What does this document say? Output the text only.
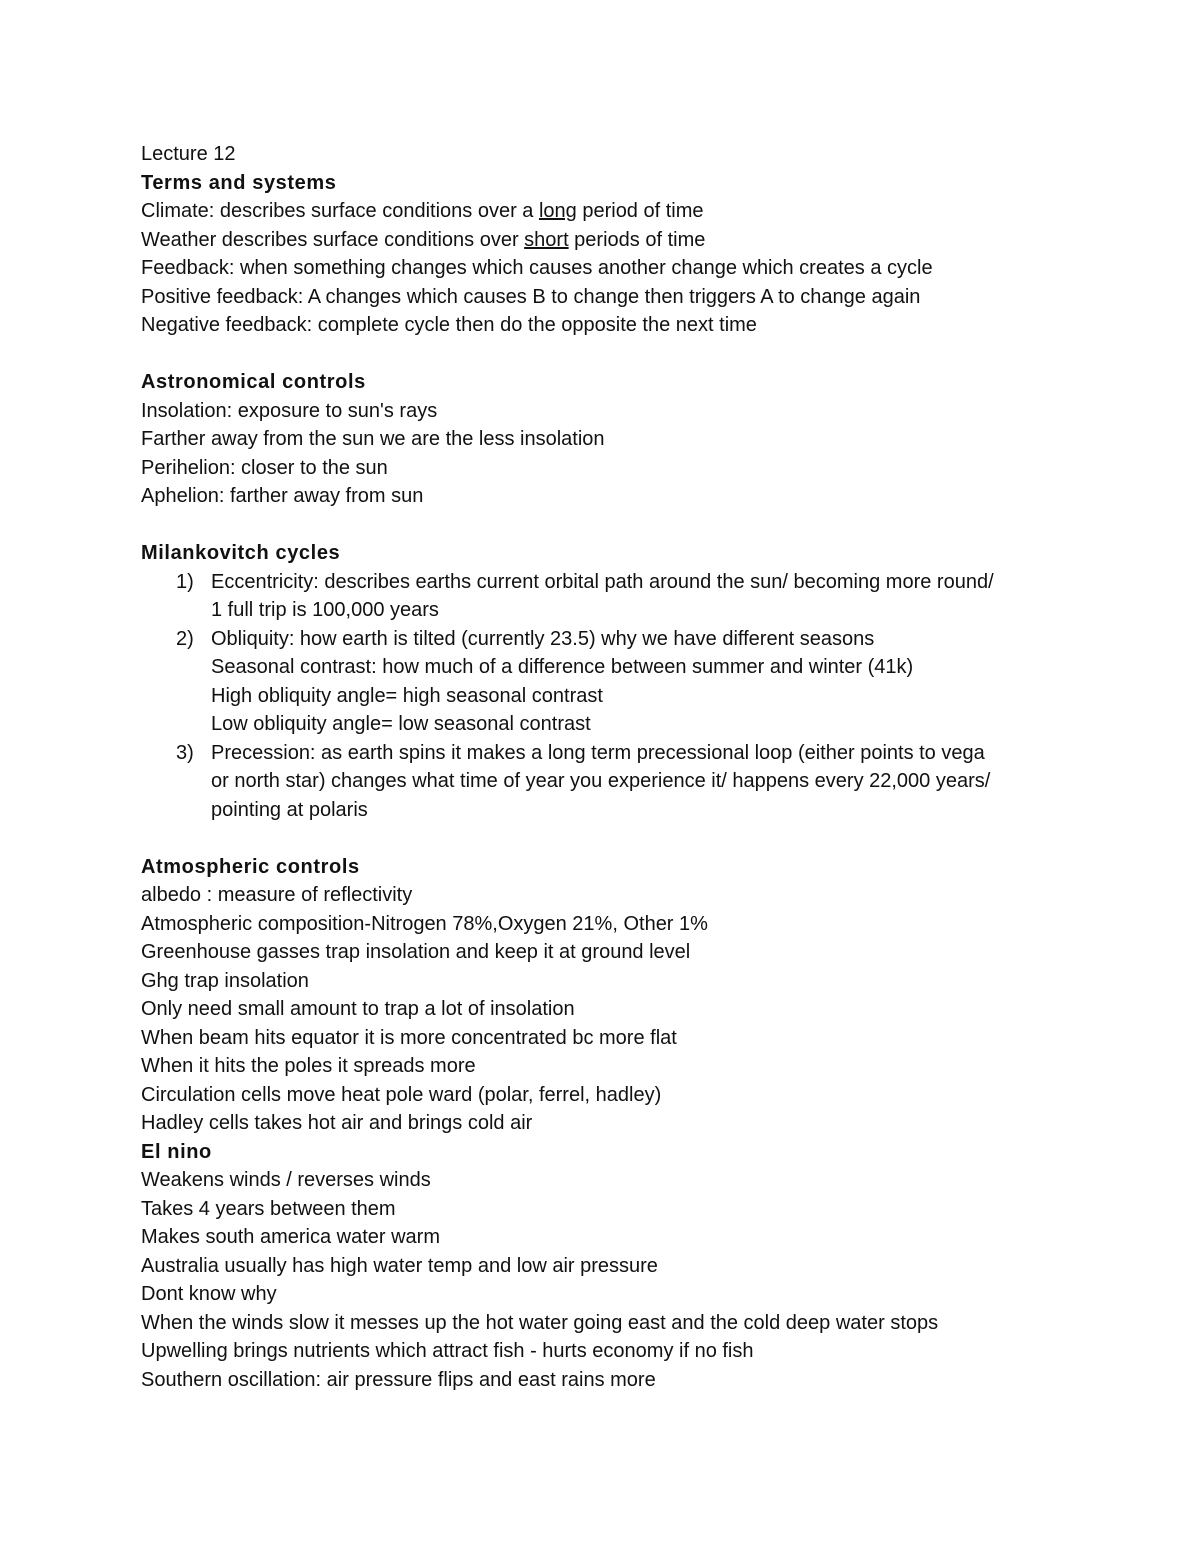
Lecture 12
Terms and systems
Climate: describes surface conditions over a long period of time
Weather describes surface conditions over short periods of time
Feedback: when something changes which causes another change which creates a cycle
Positive feedback: A changes which causes B to change then triggers A to change again
Negative feedback: complete cycle then do the opposite the next time
Astronomical controls
Insolation: exposure to sun's rays
Farther away from the sun we are the less insolation
Perihelion: closer to the sun
Aphelion: farther away from sun
Milankovitch cycles
1) Eccentricity: describes earths current orbital path around the sun/ becoming more round/
1 full trip is 100,000 years
2) Obliquity: how earth is tilted (currently 23.5) why we have different seasons
Seasonal contrast: how much of a difference between summer and winter (41k)
High obliquity angle= high seasonal contrast
Low obliquity angle= low seasonal contrast
3) Precession: as earth spins it makes a long term precessional loop (either points to vega
or north star) changes what time of year you experience it/ happens every 22,000 years/
pointing at polaris
Atmospheric controls
albedo : measure of reflectivity
Atmospheric composition-Nitrogen 78%,Oxygen 21%, Other 1%
Greenhouse gasses trap insolation and keep it at ground level
Ghg trap insolation
Only need small amount to trap a lot of insolation
When beam hits equator it is more concentrated bc more flat
When it hits the poles it spreads more
Circulation cells move heat pole ward (polar, ferrel, hadley)
Hadley cells takes hot air and brings cold air
El nino
Weakens winds / reverses winds
Takes 4 years between them
Makes south america water warm
Australia usually has high water temp and low air pressure
Dont know why
When the winds slow it messes up the hot water going east and the cold deep water stops
Upwelling brings nutrients which attract fish - hurts economy if no fish
Southern oscillation: air pressure flips and east rains more
